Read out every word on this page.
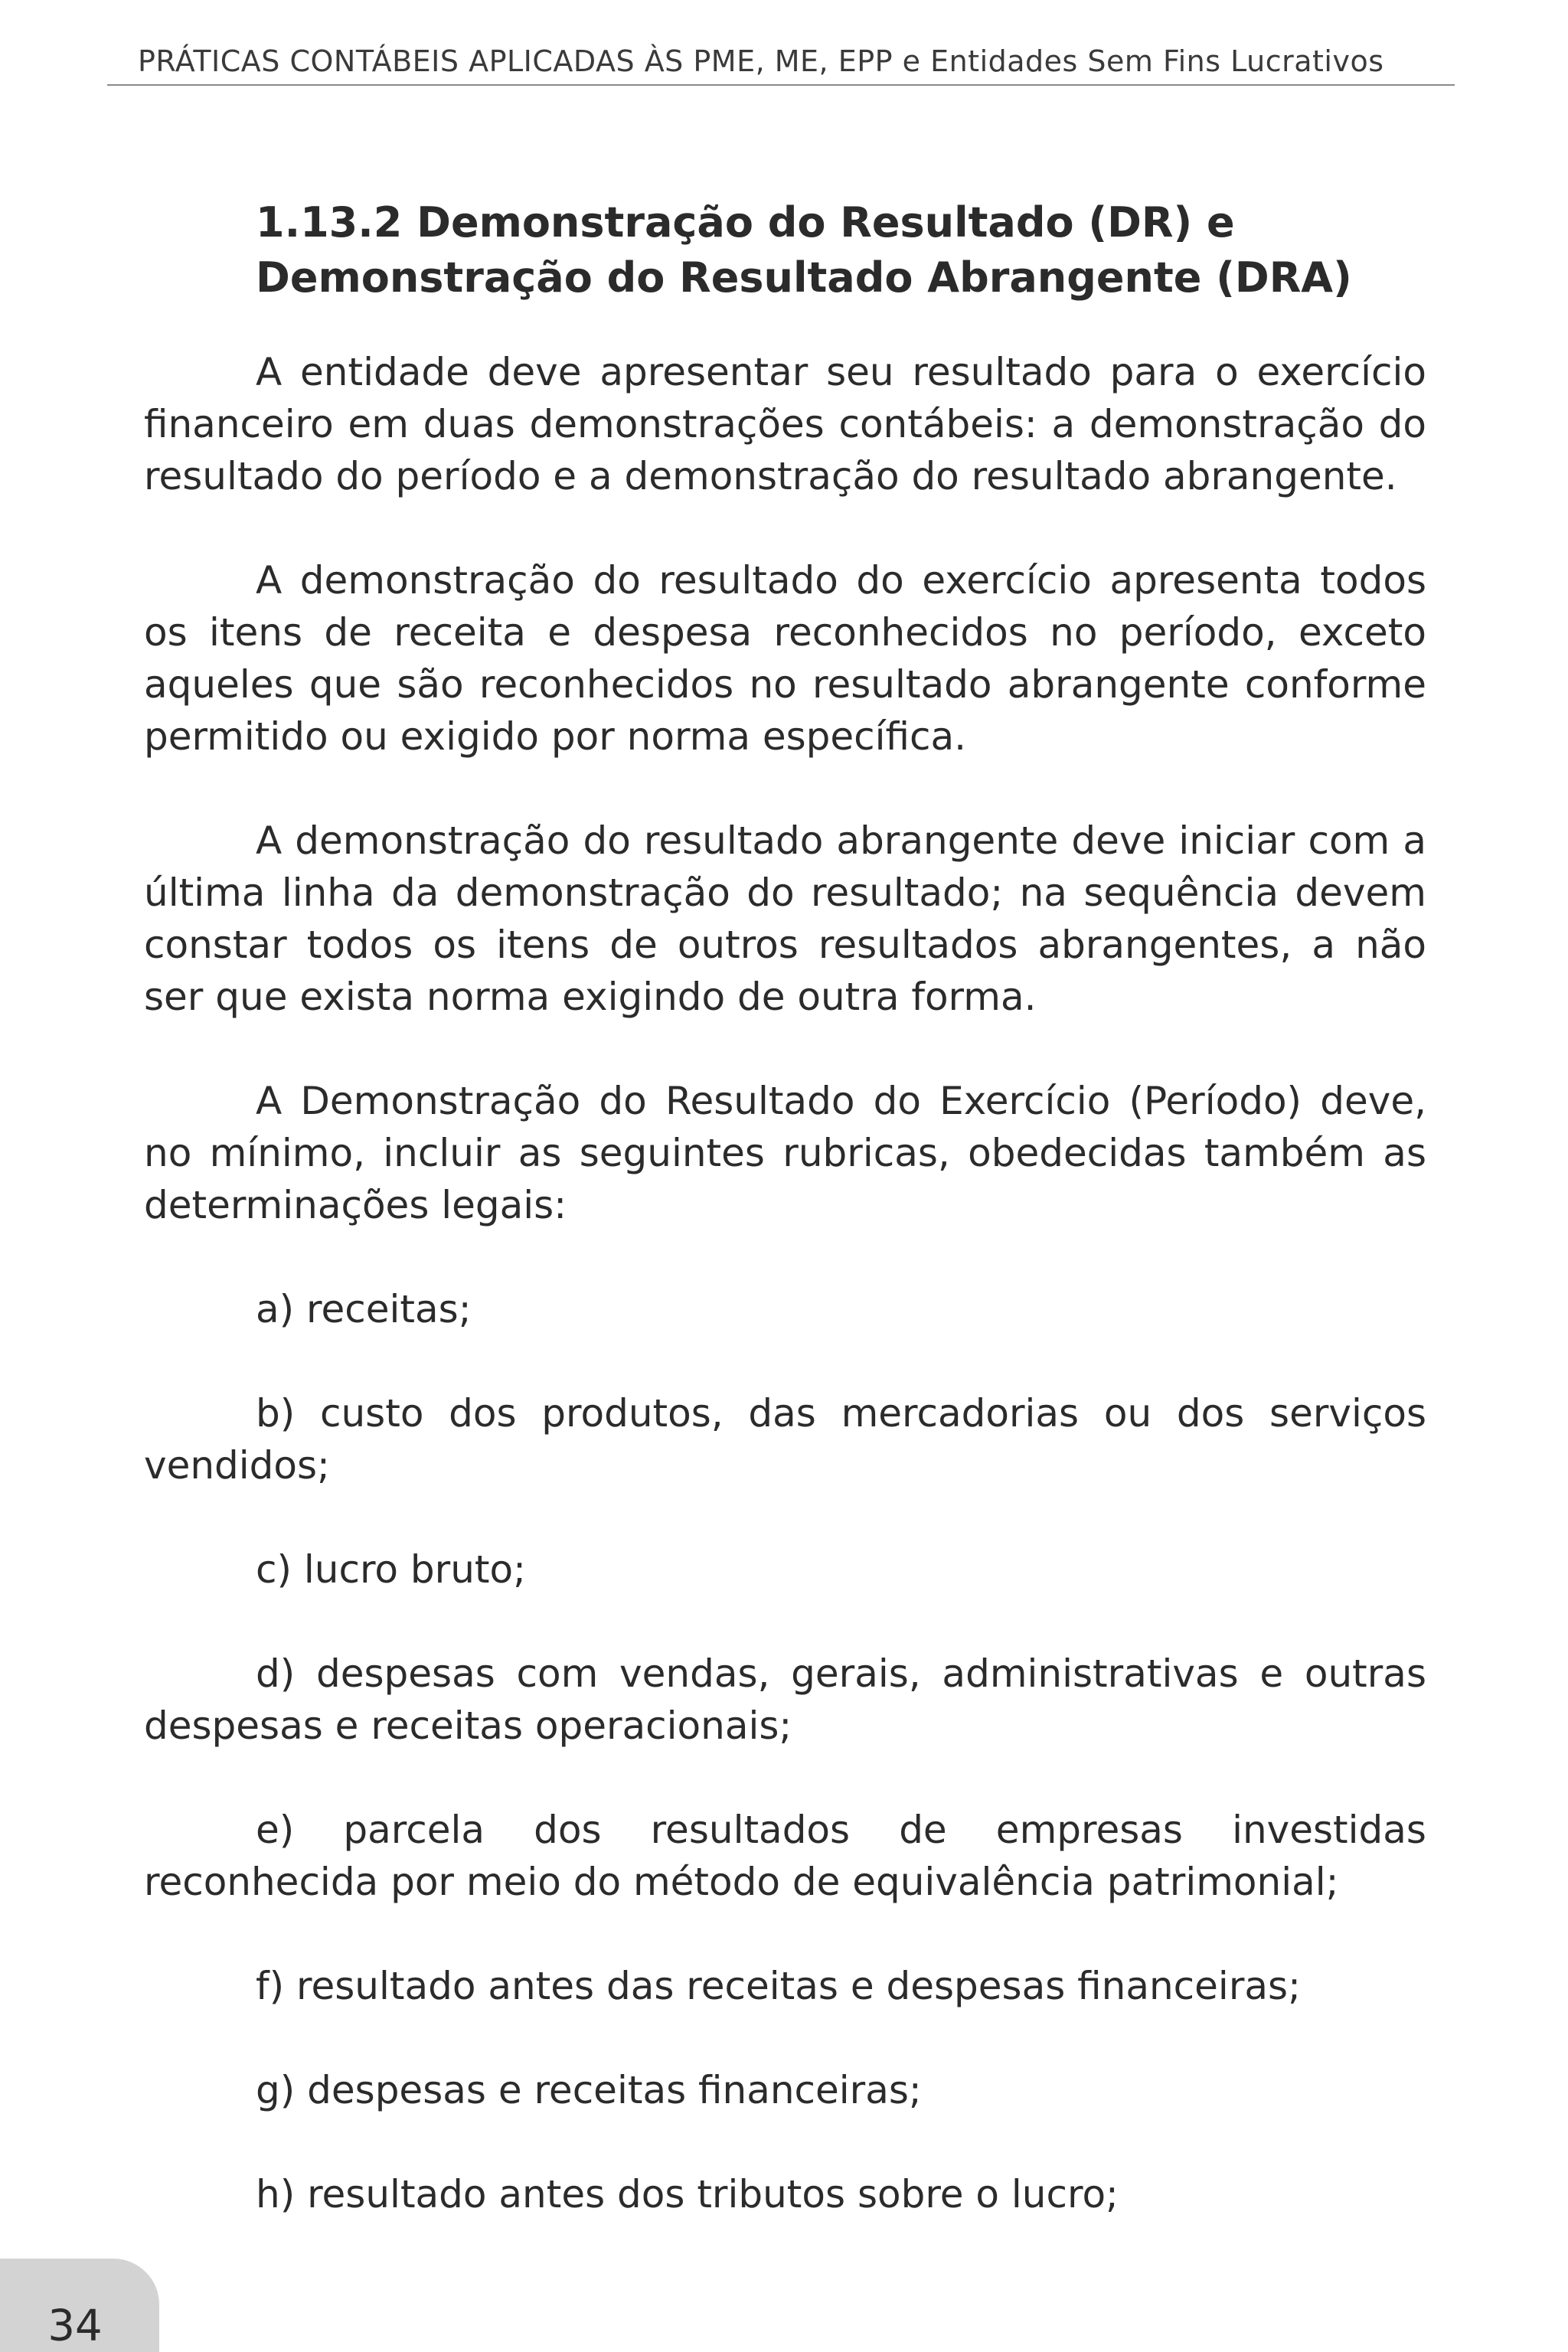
PRÁTICAS CONTÁBEIS APLICADAS ÀS PME, ME, EPP e Entidades Sem Fins Lucrativos
1.13.2 Demonstração do Resultado (DR) e
Demonstração do Resultado Abrangente (DRA)

A entidade deve apresentar seu resultado para o exercício financeiro em duas demonstrações contábeis: a demonstração do resultado do período e a demonstração do resultado abrangente.

A demonstração do resultado do exercício apresenta todos os itens de receita e despesa reconhecidos no período, exceto aqueles que são reconhecidos no resultado abrangente conforme permitido ou exigido por norma específica.

A demonstração do resultado abrangente deve iniciar com a última linha da demonstração do resultado; na sequência devem constar todos os itens de outros resultados abrangentes, a não ser que exista norma exigindo de outra forma.

A Demonstração do Resultado do Exercício (Período) deve, no mínimo, incluir as seguintes rubricas, obedecidas também as determinações legais:

a) receitas;

b) custo dos produtos, das mercadorias ou dos serviços vendidos;

c) lucro bruto;

d) despesas com vendas, gerais, administrativas e outras despesas e receitas operacionais;

e) parcela dos resultados de empresas investidas reconhecida por meio do método de equivalência patrimonial;

f) resultado antes das receitas e despesas financeiras;

g) despesas e receitas financeiras;

h) resultado antes dos tributos sobre o lucro;

34
